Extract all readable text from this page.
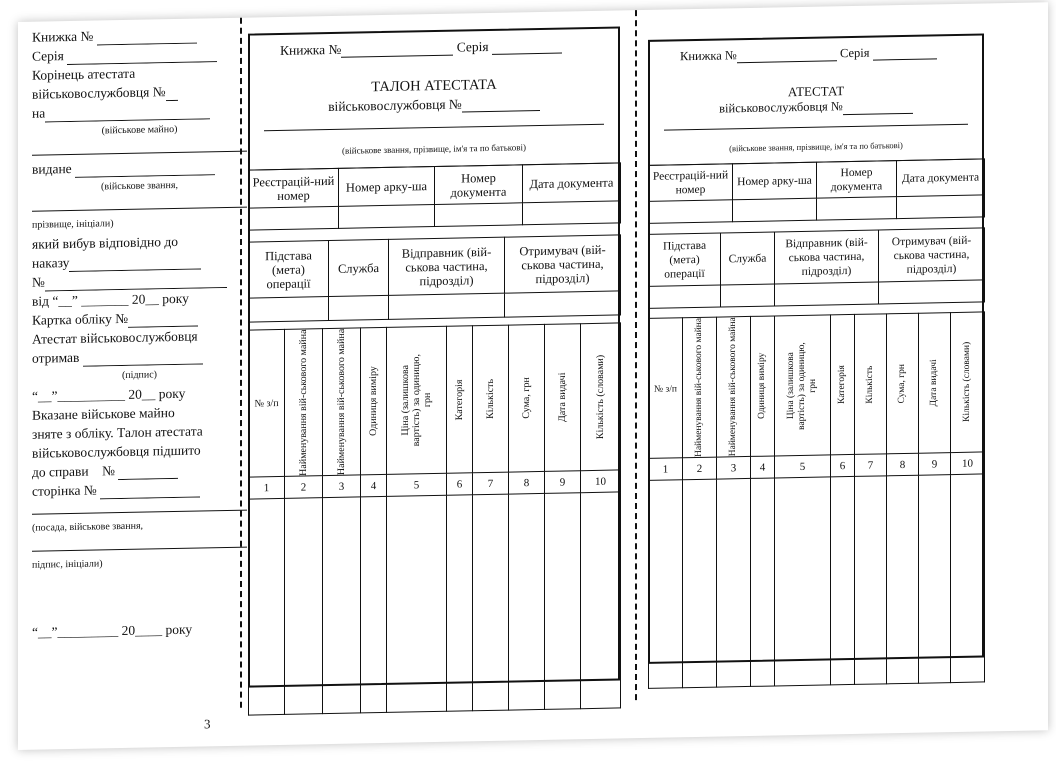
Книжка №
Серія
Корінець атестата
військовослужбовця №
на
(військове майно)
видане
(військове звання,
прізвище, ініціали)
який вибув відповідно до
наказу
№
від “__” _______ 20__ року
Картка обліку №
Атестат військовослужбовця
отримав
(підпис)
“__”__________ 20__ року
Вказане військове майно
зняте з обліку. Талон атестата
військовослужбовця підшито
до справи №
сторінка №
(посада, військове звання,
підпис, ініціали)
“__”_________ 20____ року
3
Книжка №	Серія
ТАЛОН АТЕСТАТА
військовослужбовця №
(військове звання, прізвище, ім'я та по батькові)
Реєстрацій-ний номер	Номер арку-ша	Номер документа	Дата документа

Підстава (мета) операції	Служба	Відправник (вій-ськова частина, підрозділ)	Отримувач (вій-ськова частина, підрозділ)

№ з/п	Найменування вій-ськового майна	Найменування вій-ськового майна	Одиниця виміру	Ціна (залишкова вартість) за одиницю, грн	Категорія	Кількість	Сума, грн	Дата видачі	Кількість (словами)

1	2	3	4	5	6	7	8	9	10

Книжка №	Серія
АТЕСТАТ
військовослужбовця №
(військове звання, прізвище, ім'я та по батькові)
Реєстрацій-ний номер	Номер арку-ша	Номер документа	Дата документа

Підстава (мета) операції	Служба	Відправник (вій-ськова частина, підрозділ)	Отримувач (вій-ськова частина, підрозділ)

№ з/п	Найменування вій-ськового майна	Найменування вій-ськового майна	Одиниця виміру	Ціна (залишкова вартість) за одиницю, грн	Категорія	Кількість	Сума, грн	Дата видачі	Кількість (словами)

1	2	3	4	5	6	7	8	9	10
